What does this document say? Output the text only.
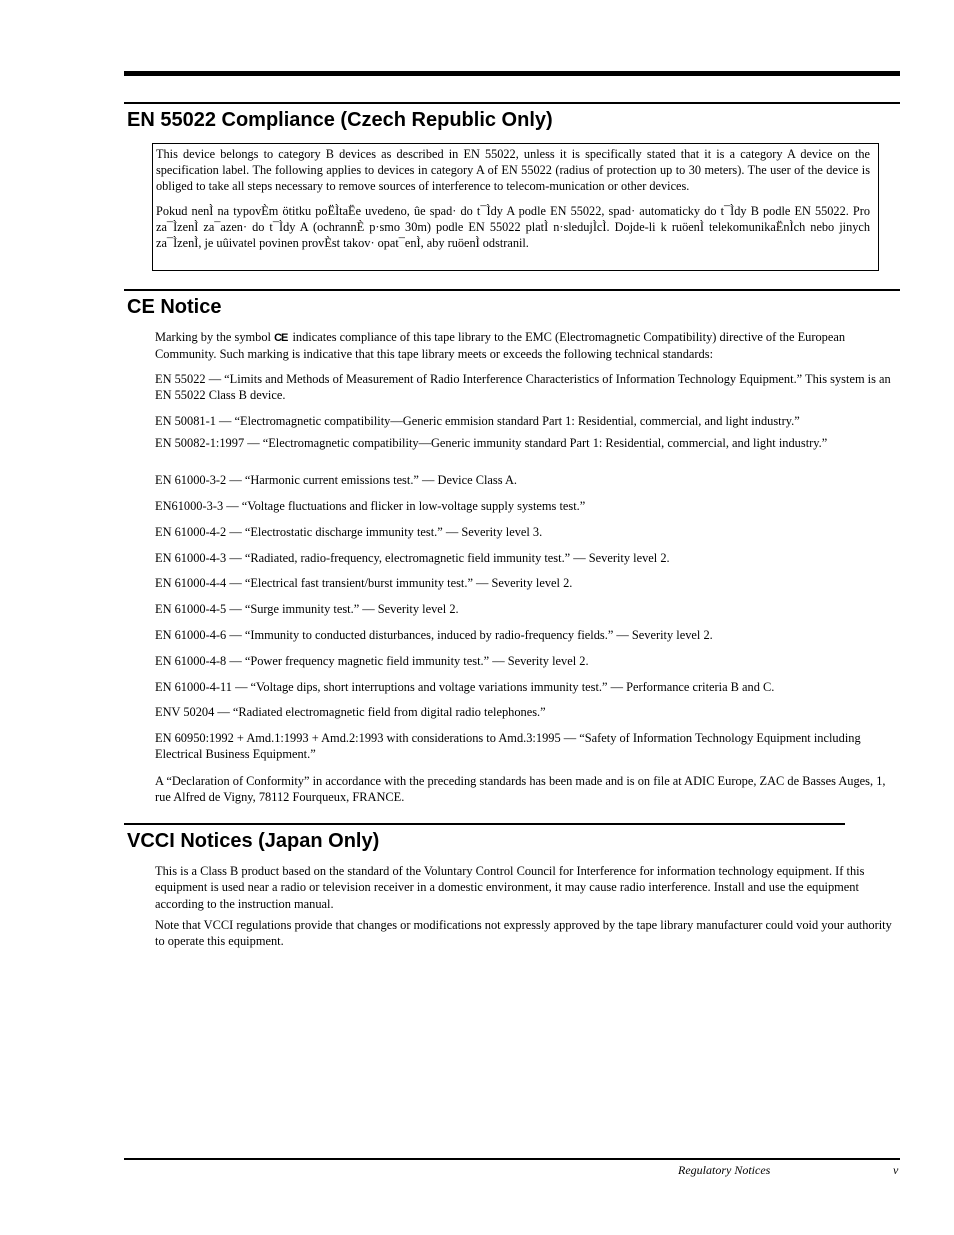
EN 55022 Compliance (Czech Republic Only)

This device belongs to category B devices as described in EN 55022, unless it is specifically stated that it is a category A device on the specification label. The following applies to devices in category A of EN 55022 (radius of protection up to 30 meters). The user of the device is obliged to take all steps necessary to remove sources of interference to telecom-munication or other devices.

Pokud nenÌ na typovÈm ötitku poËÌtaËe uvedeno, ûe spad· do t¯Ìdy A podle EN 55022, spad· automaticky do t¯Ìdy B podle EN 55022. Pro za¯ÌzenÌ za¯azen· do t¯Ìdy A (ochrannÈ p·smo 30m) podle EN 55022 platÌ n·sledujÌcÌ. Dojde-li k ruöenÌ telekomunikaËnÌch nebo jinych za¯ÌzenÌ, je uûivatel povinen provÈst takov· opat¯enÌ, aby ruöenÌ odstranil.

CE Notice
Marking by the symbol CE indicates compliance of this tape library to the EMC (Electromagnetic Compatibility) directive of the European Community. Such marking is indicative that this tape library meets or exceeds the following technical standards:
EN 55022 — “Limits and Methods of Measurement of Radio Interference Characteristics of Information Technology Equipment.” This system is an EN 55022 Class B device.
EN 50081-1 — “Electromagnetic compatibility—Generic emmision standard Part 1: Residential, commercial, and light industry.”
EN 50082-1:1997 — “Electromagnetic compatibility—Generic immunity standard Part 1: Residential, commercial, and light industry.”
EN 61000-3-2 — “Harmonic current emissions test.” — Device Class A.
EN61000-3-3 — “Voltage fluctuations and flicker in low-voltage supply systems test.”
EN 61000-4-2 — “Electrostatic discharge immunity test.” — Severity level 3.
EN 61000-4-3 — “Radiated, radio-frequency, electromagnetic field immunity test.” — Severity level 2.
EN 61000-4-4 — “Electrical fast transient/burst immunity test.” — Severity level 2.
EN 61000-4-5 — “Surge immunity test.” — Severity level 2.
EN 61000-4-6 — “Immunity to conducted disturbances, induced by radio-frequency fields.” — Severity level 2.
EN 61000-4-8 — “Power frequency magnetic field immunity test.” — Severity level 2.
EN 61000-4-11 — “Voltage dips, short interruptions and voltage variations immunity test.” — Performance criteria B and C.
ENV 50204 — “Radiated electromagnetic field from digital radio telephones.”
EN 60950:1992 + Amd.1:1993 + Amd.2:1993 with considerations to Amd.3:1995 — “Safety of Information Technology Equipment including Electrical Business Equipment.”
A “Declaration of Conformity” in accordance with the preceding standards has been made and is on file at ADIC Europe, ZAC de Basses Auges, 1, rue Alfred de Vigny, 78112 Fourqueux, FRANCE.
VCCI Notices (Japan Only)
This is a Class B product based on the standard of the Voluntary Control Council for Interference for information technology equipment. If this equipment is used near a radio or television receiver in a domestic environment, it may cause radio interference. Install and use the equipment according to the instruction manual.
Note that VCCI regulations provide that changes or modifications not expressly approved by the tape library manufacturer could void your authority to operate this equipment.
Regulatory Notices	v
